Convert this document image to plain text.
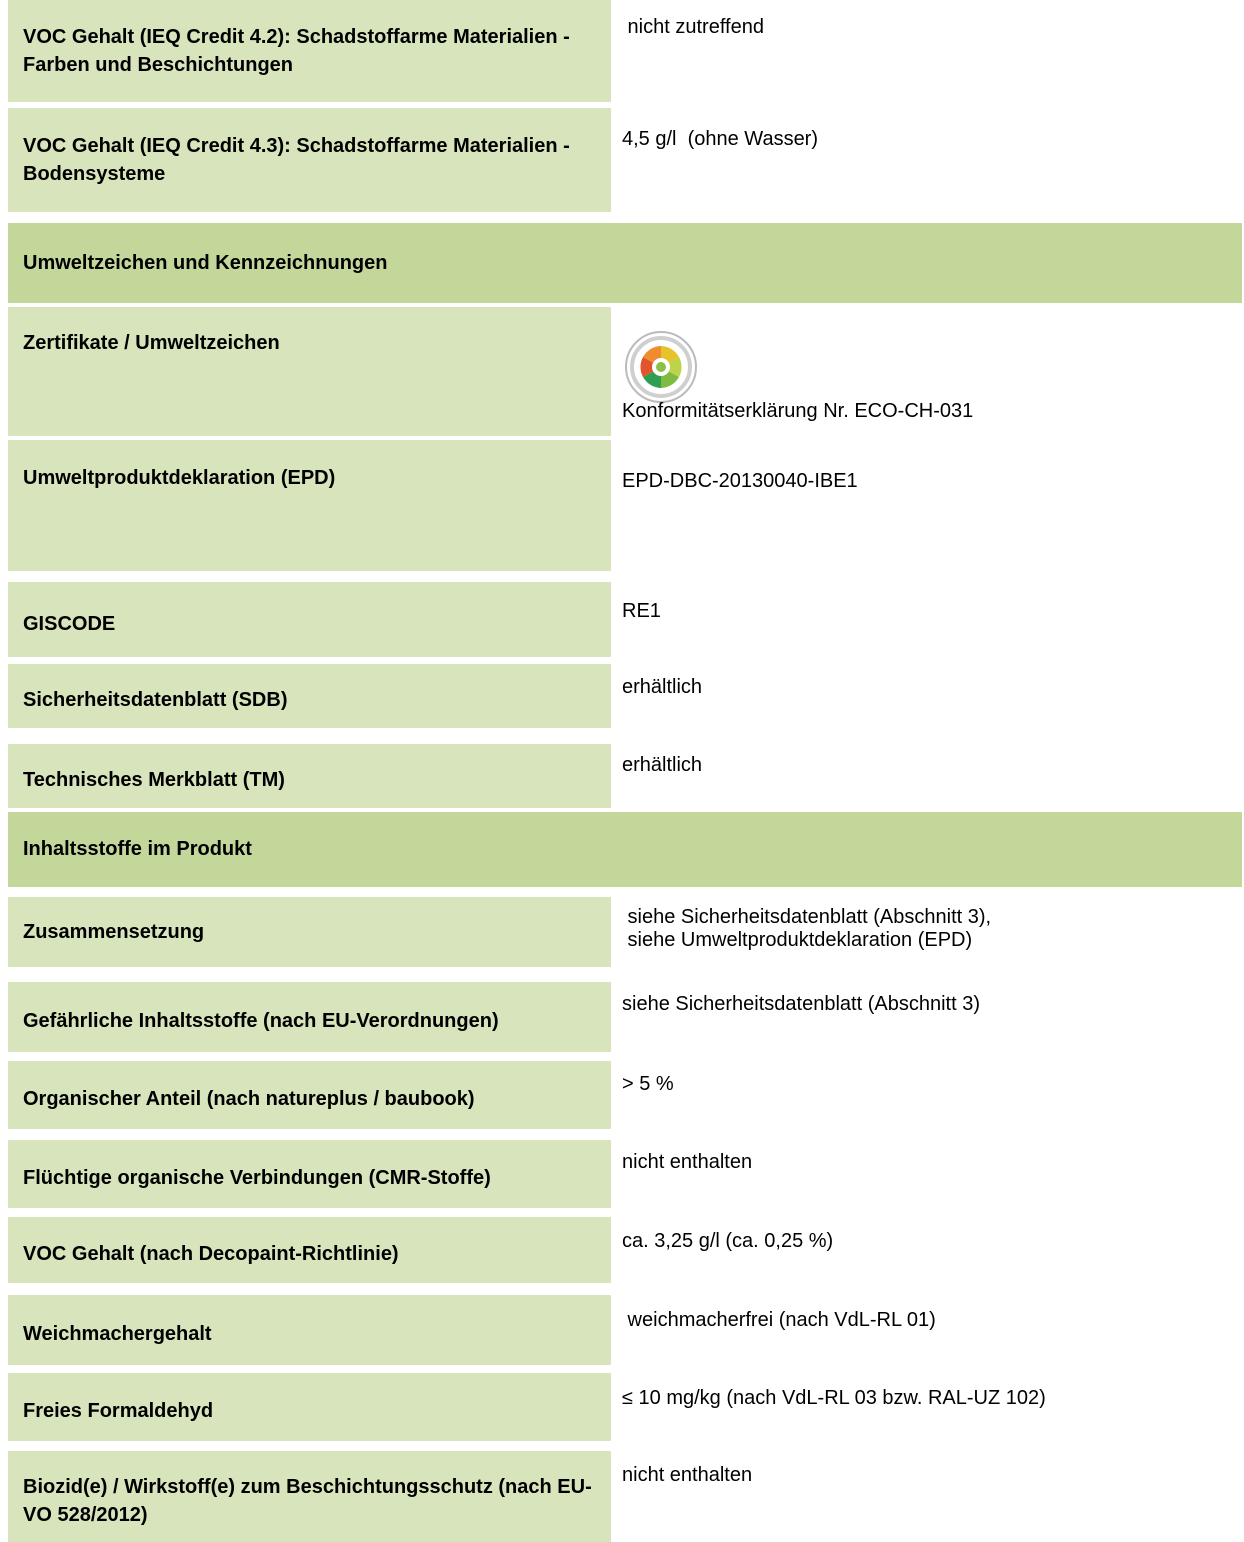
VOC Gehalt (IEQ Credit 4.2): Schadstoffarme Materialien - Farben und Beschichtungen
nicht zutreffend
VOC Gehalt (IEQ Credit 4.3): Schadstoffarme Materialien - Bodensysteme
4,5 g/l  (ohne Wasser)
Umweltzeichen und Kennzeichnungen
Zertifikate / Umweltzeichen
Konformitätserklärung Nr. ECO-CH-031
Umweltproduktdeklaration (EPD)	EPD-DBC-20130040-IBE1
GISCODE
RE1
Sicherheitsdatenblatt (SDB)
erhältlich
Technisches Merkblatt (TM)
erhältlich
Inhaltsstoffe im Produkt
Zusammensetzung
siehe Sicherheitsdatenblatt (Abschnitt 3),
siehe Umweltproduktdeklaration (EPD)
Gefährliche Inhaltsstoffe (nach EU-Verordnungen)
siehe Sicherheitsdatenblatt (Abschnitt 3)
Organischer Anteil (nach natureplus / baubook)
> 5 %
Flüchtige organische Verbindungen (CMR-Stoffe)
nicht enthalten
VOC Gehalt (nach Decopaint-Richtlinie)
ca. 3,25 g/l (ca. 0,25 %)
Weichmachergehalt
weichmacherfrei (nach VdL-RL 01)
Freies Formaldehyd
≤ 10 mg/kg (nach VdL-RL 03 bzw. RAL-UZ 102)
Biozid(e) / Wirkstoff(e) zum Beschichtungsschutz (nach EU-VO 528/2012)
nicht enthalten
